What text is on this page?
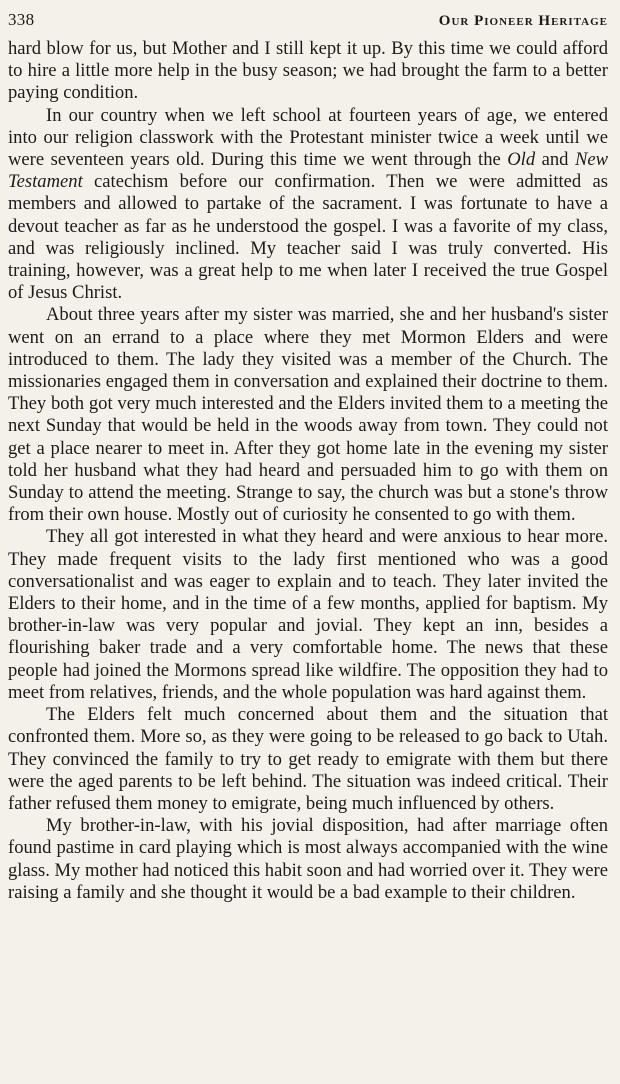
338	Our Pioneer Heritage

hard blow for us, but Mother and I still kept it up. By this time we could afford to hire a little more help in the busy season; we had brought the farm to a better paying condition.

In our country when we left school at fourteen years of age, we entered into our religion classwork with the Protestant minister twice a week until we were seventeen years old. During this time we went through the Old and New Testament catechism before our confirmation. Then we were admitted as members and allowed to partake of the sacrament. I was fortunate to have a devout teacher as far as he understood the gospel. I was a favorite of my class, and was religiously inclined. My teacher said I was truly converted. His training, however, was a great help to me when later I received the true Gospel of Jesus Christ.

About three years after my sister was married, she and her husband's sister went on an errand to a place where they met Mormon Elders and were introduced to them. The lady they visited was a member of the Church. The missionaries engaged them in conversation and explained their doctrine to them. They both got very much interested and the Elders invited them to a meeting the next Sunday that would be held in the woods away from town. They could not get a place nearer to meet in. After they got home late in the evening my sister told her husband what they had heard and persuaded him to go with them on Sunday to attend the meeting. Strange to say, the church was but a stone's throw from their own house. Mostly out of curiosity he consented to go with them.

They all got interested in what they heard and were anxious to hear more. They made frequent visits to the lady first mentioned who was a good conversationalist and was eager to explain and to teach. They later invited the Elders to their home, and in the time of a few months, applied for baptism. My brother-in-law was very popular and jovial. They kept an inn, besides a flourishing baker trade and a very comfortable home. The news that these people had joined the Mormons spread like wildfire. The opposition they had to meet from relatives, friends, and the whole population was hard against them.

The Elders felt much concerned about them and the situation that confronted them. More so, as they were going to be released to go back to Utah. They convinced the family to try to get ready to emigrate with them but there were the aged parents to be left behind. The situation was indeed critical. Their father refused them money to emigrate, being much influenced by others.

My brother-in-law, with his jovial disposition, had after marriage often found pastime in card playing which is most always accompanied with the wine glass. My mother had noticed this habit soon and had worried over it. They were raising a family and she thought it would be a bad example to their children.
